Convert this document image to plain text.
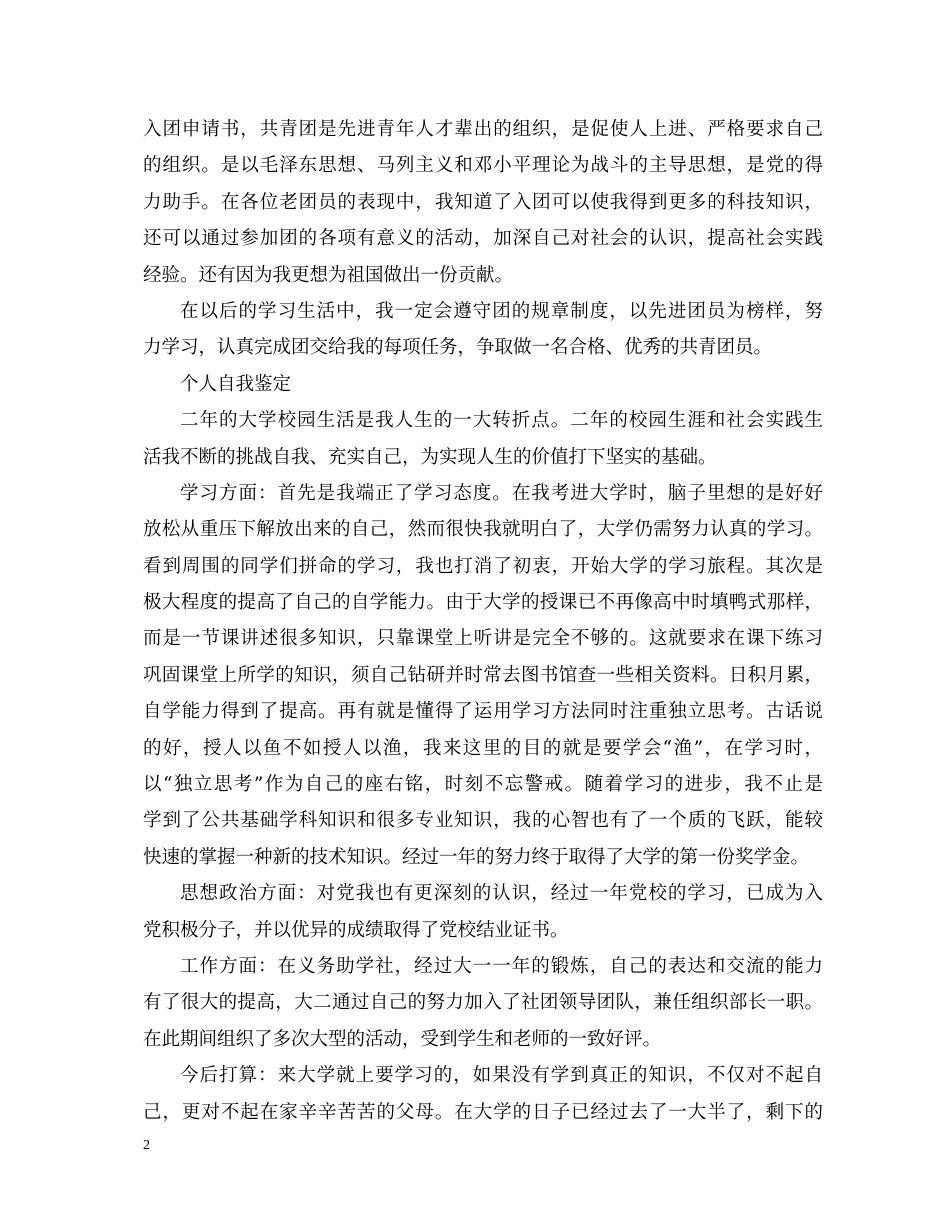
入团申请书，共青团是先进青年人才辈出的组织，是促使人上进、严格要求自己
的组织。是以毛泽东思想、马列主义和邓小平理论为战斗的主导思想，是党的得
力助手。在各位老团员的表现中，我知道了入团可以使我得到更多的科技知识，
还可以通过参加团的各项有意义的活动，加深自己对社会的认识，提高社会实践
经验。还有因为我更想为祖国做出一份贡献。
在以后的学习生活中，我一定会遵守团的规章制度，以先进团员为榜样，努
力学习，认真完成团交给我的每项任务，争取做一名合格、优秀的共青团员。
个人自我鉴定
二年的大学校园生活是我人生的一大转折点。二年的校园生涯和社会实践生
活我不断的挑战自我、充实自己，为实现人生的价值打下坚实的基础。
学习方面：首先是我端正了学习态度。在我考进大学时，脑子里想的是好好
放松从重压下解放出来的自己，然而很快我就明白了，大学仍需努力认真的学习。
看到周围的同学们拼命的学习，我也打消了初衷，开始大学的学习旅程。其次是
极大程度的提高了自己的自学能力。由于大学的授课已不再像高中时填鸭式那样，
而是一节课讲述很多知识，只靠课堂上听讲是完全不够的。这就要求在课下练习
巩固课堂上所学的知识，须自己钻研并时常去图书馆查一些相关资料。日积月累，
自学能力得到了提高。再有就是懂得了运用学习方法同时注重独立思考。古话说
的好，授人以鱼不如授人以渔，我来这里的目的就是要学会“渔”，在学习时，
以“独立思考”作为自己的座右铭，时刻不忘警戒。随着学习的进步，我不止是
学到了公共基础学科知识和很多专业知识，我的心智也有了一个质的飞跃，能较
快速的掌握一种新的技术知识。经过一年的努力终于取得了大学的第一份奖学金。
思想政治方面：对党我也有更深刻的认识，经过一年党校的学习，已成为入
党积极分子，并以优异的成绩取得了党校结业证书。
工作方面：在义务助学社，经过大一一年的锻炼，自己的表达和交流的能力
有了很大的提高，大二通过自己的努力加入了社团领导团队，兼任组织部长一职。
在此期间组织了多次大型的活动，受到学生和老师的一致好评。
今后打算：来大学就上要学习的，如果没有学到真正的知识，不仅对不起自
己，更对不起在家辛辛苦苦的父母。在大学的日子已经过去了一大半了，剩下的
2
